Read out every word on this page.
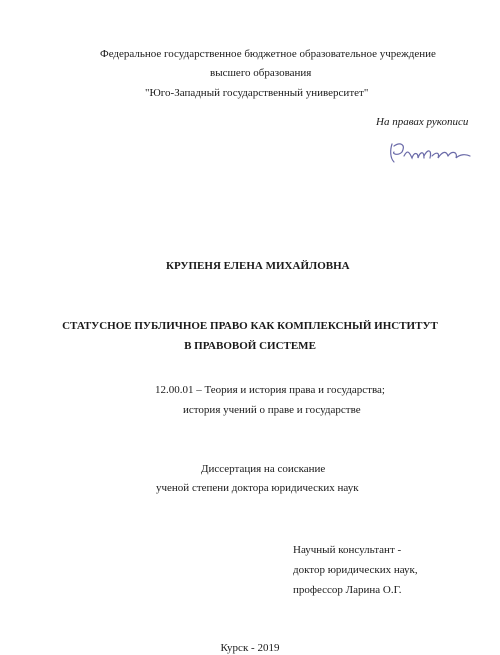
Федеральное государственное бюджетное образовательное учреждение
высшего образования
"Юго-Западный государственный университет"
На правах рукописи
КРУПЕНЯ ЕЛЕНА МИХАЙЛОВНА
СТАТУСНОЕ ПУБЛИЧНОЕ ПРАВО КАК КОМПЛЕКСНЫЙ ИНСТИТУТ
В ПРАВОВОЙ СИСТЕМЕ
12.00.01 – Теория и история права и государства;
история учений о праве и государстве
Диссертация на соискание
ученой степени доктора юридических наук
Научный консультант -
доктор юридических наук,
профессор Ларина О.Г.
Курск - 2019
